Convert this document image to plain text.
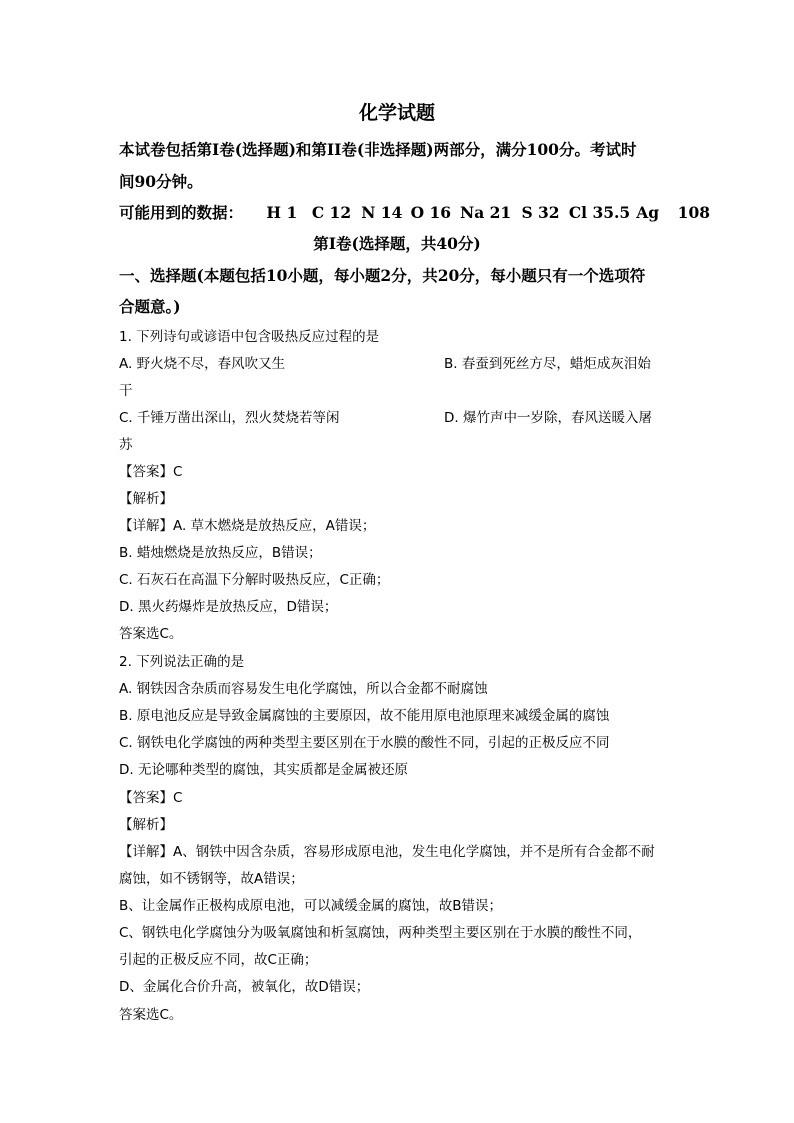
化学试题
本试卷包括第I卷(选择题)和第II卷(非选择题)两部分，满分100分。考试时
间90分钟。
可能用到的数据： H 1 C 12 N 14 O 16 Na 21 S 32 Cl 35.5 Ag 108
第I卷(选择题，共40分)
一、选择题(本题包括10小题，每小题2分，共20分，每小题只有一个选项符
合题意。)
1. 下列诗句或谚语中包含吸热反应过程的是
A. 野火烧不尽，春风吹又生	B. 春蚕到死丝方尽，蜡炬成灰泪始
干
C. 千锤万凿出深山，烈火焚烧若等闲	D. 爆竹声中一岁除，春风送暖入屠
苏
【答案】C
【解析】
【详解】A. 草木燃烧是放热反应，A错误；
B. 蜡烛燃烧是放热反应，B错误；
C. 石灰石在高温下分解时吸热反应，C正确；
D. 黑火药爆炸是放热反应，D错误；
答案选C。
2. 下列说法正确的是
A. 钢铁因含杂质而容易发生电化学腐蚀，所以合金都不耐腐蚀
B. 原电池反应是导致金属腐蚀的主要原因，故不能用原电池原理来减缓金属的腐蚀
C. 钢铁电化学腐蚀的两种类型主要区别在于水膜的酸性不同，引起的正极反应不同
D. 无论哪种类型的腐蚀，其实质都是金属被还原
【答案】C
【解析】
【详解】A、钢铁中因含杂质，容易形成原电池，发生电化学腐蚀，并不是所有合金都不耐
腐蚀，如不锈钢等，故A错误；
B、让金属作正极构成原电池，可以减缓金属的腐蚀，故B错误；
C、钢铁电化学腐蚀分为吸氧腐蚀和析氢腐蚀，两种类型主要区别在于水膜的酸性不同，
引起的正极反应不同，故C正确；
D、金属化合价升高，被氧化，故D错误；
答案选C。
